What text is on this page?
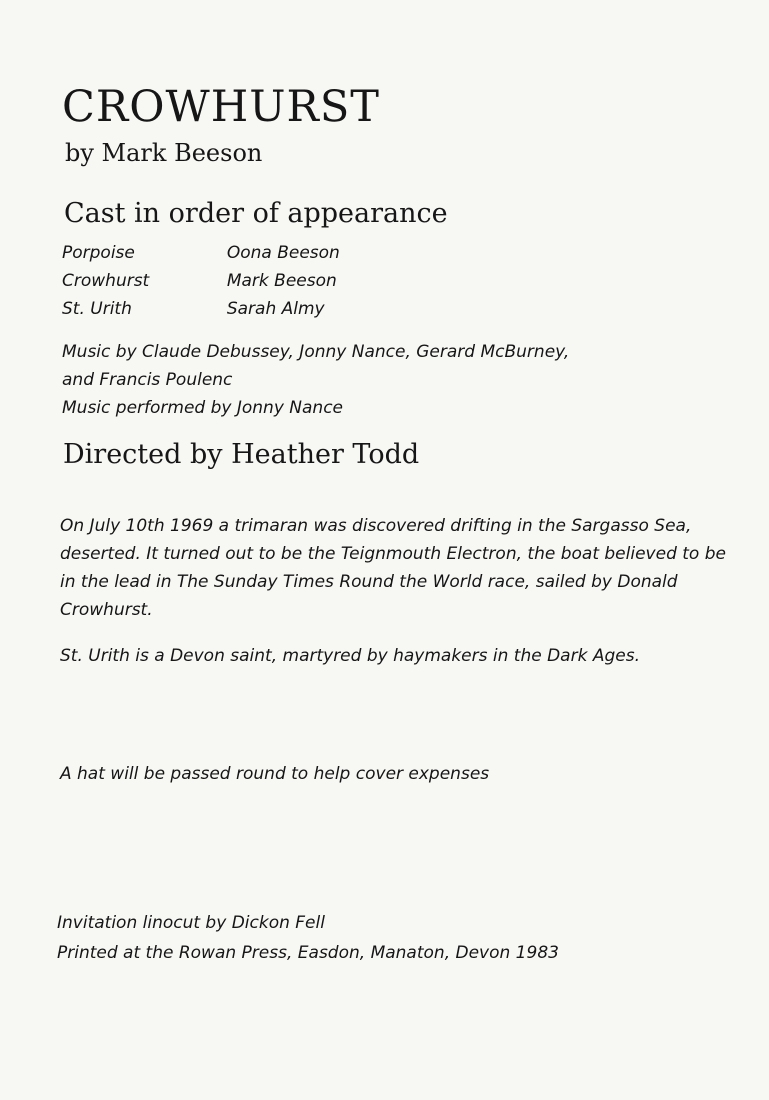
CROWHURST
by Mark Beeson
Cast in order of appearance
Porpoise	Oona Beeson
Crowhurst	Mark Beeson
St. Urith	Sarah Almy
Music by Claude Debussey, Jonny Nance, Gerard McBurney,
and Francis Poulenc
Music performed by Jonny Nance
Directed by Heather Todd
On July 10th 1969 a trimaran was discovered drifting in the Sargasso Sea, deserted. It turned out to be the Teignmouth Electron, the boat believed to be in the lead in The Sunday Times Round the World race, sailed by Donald Crowhurst.
St. Urith is a Devon saint, martyred by haymakers in the Dark Ages.
A hat will be passed round to help cover expenses
Invitation linocut by Dickon Fell
Printed at the Rowan Press, Easdon, Manaton, Devon 1983
